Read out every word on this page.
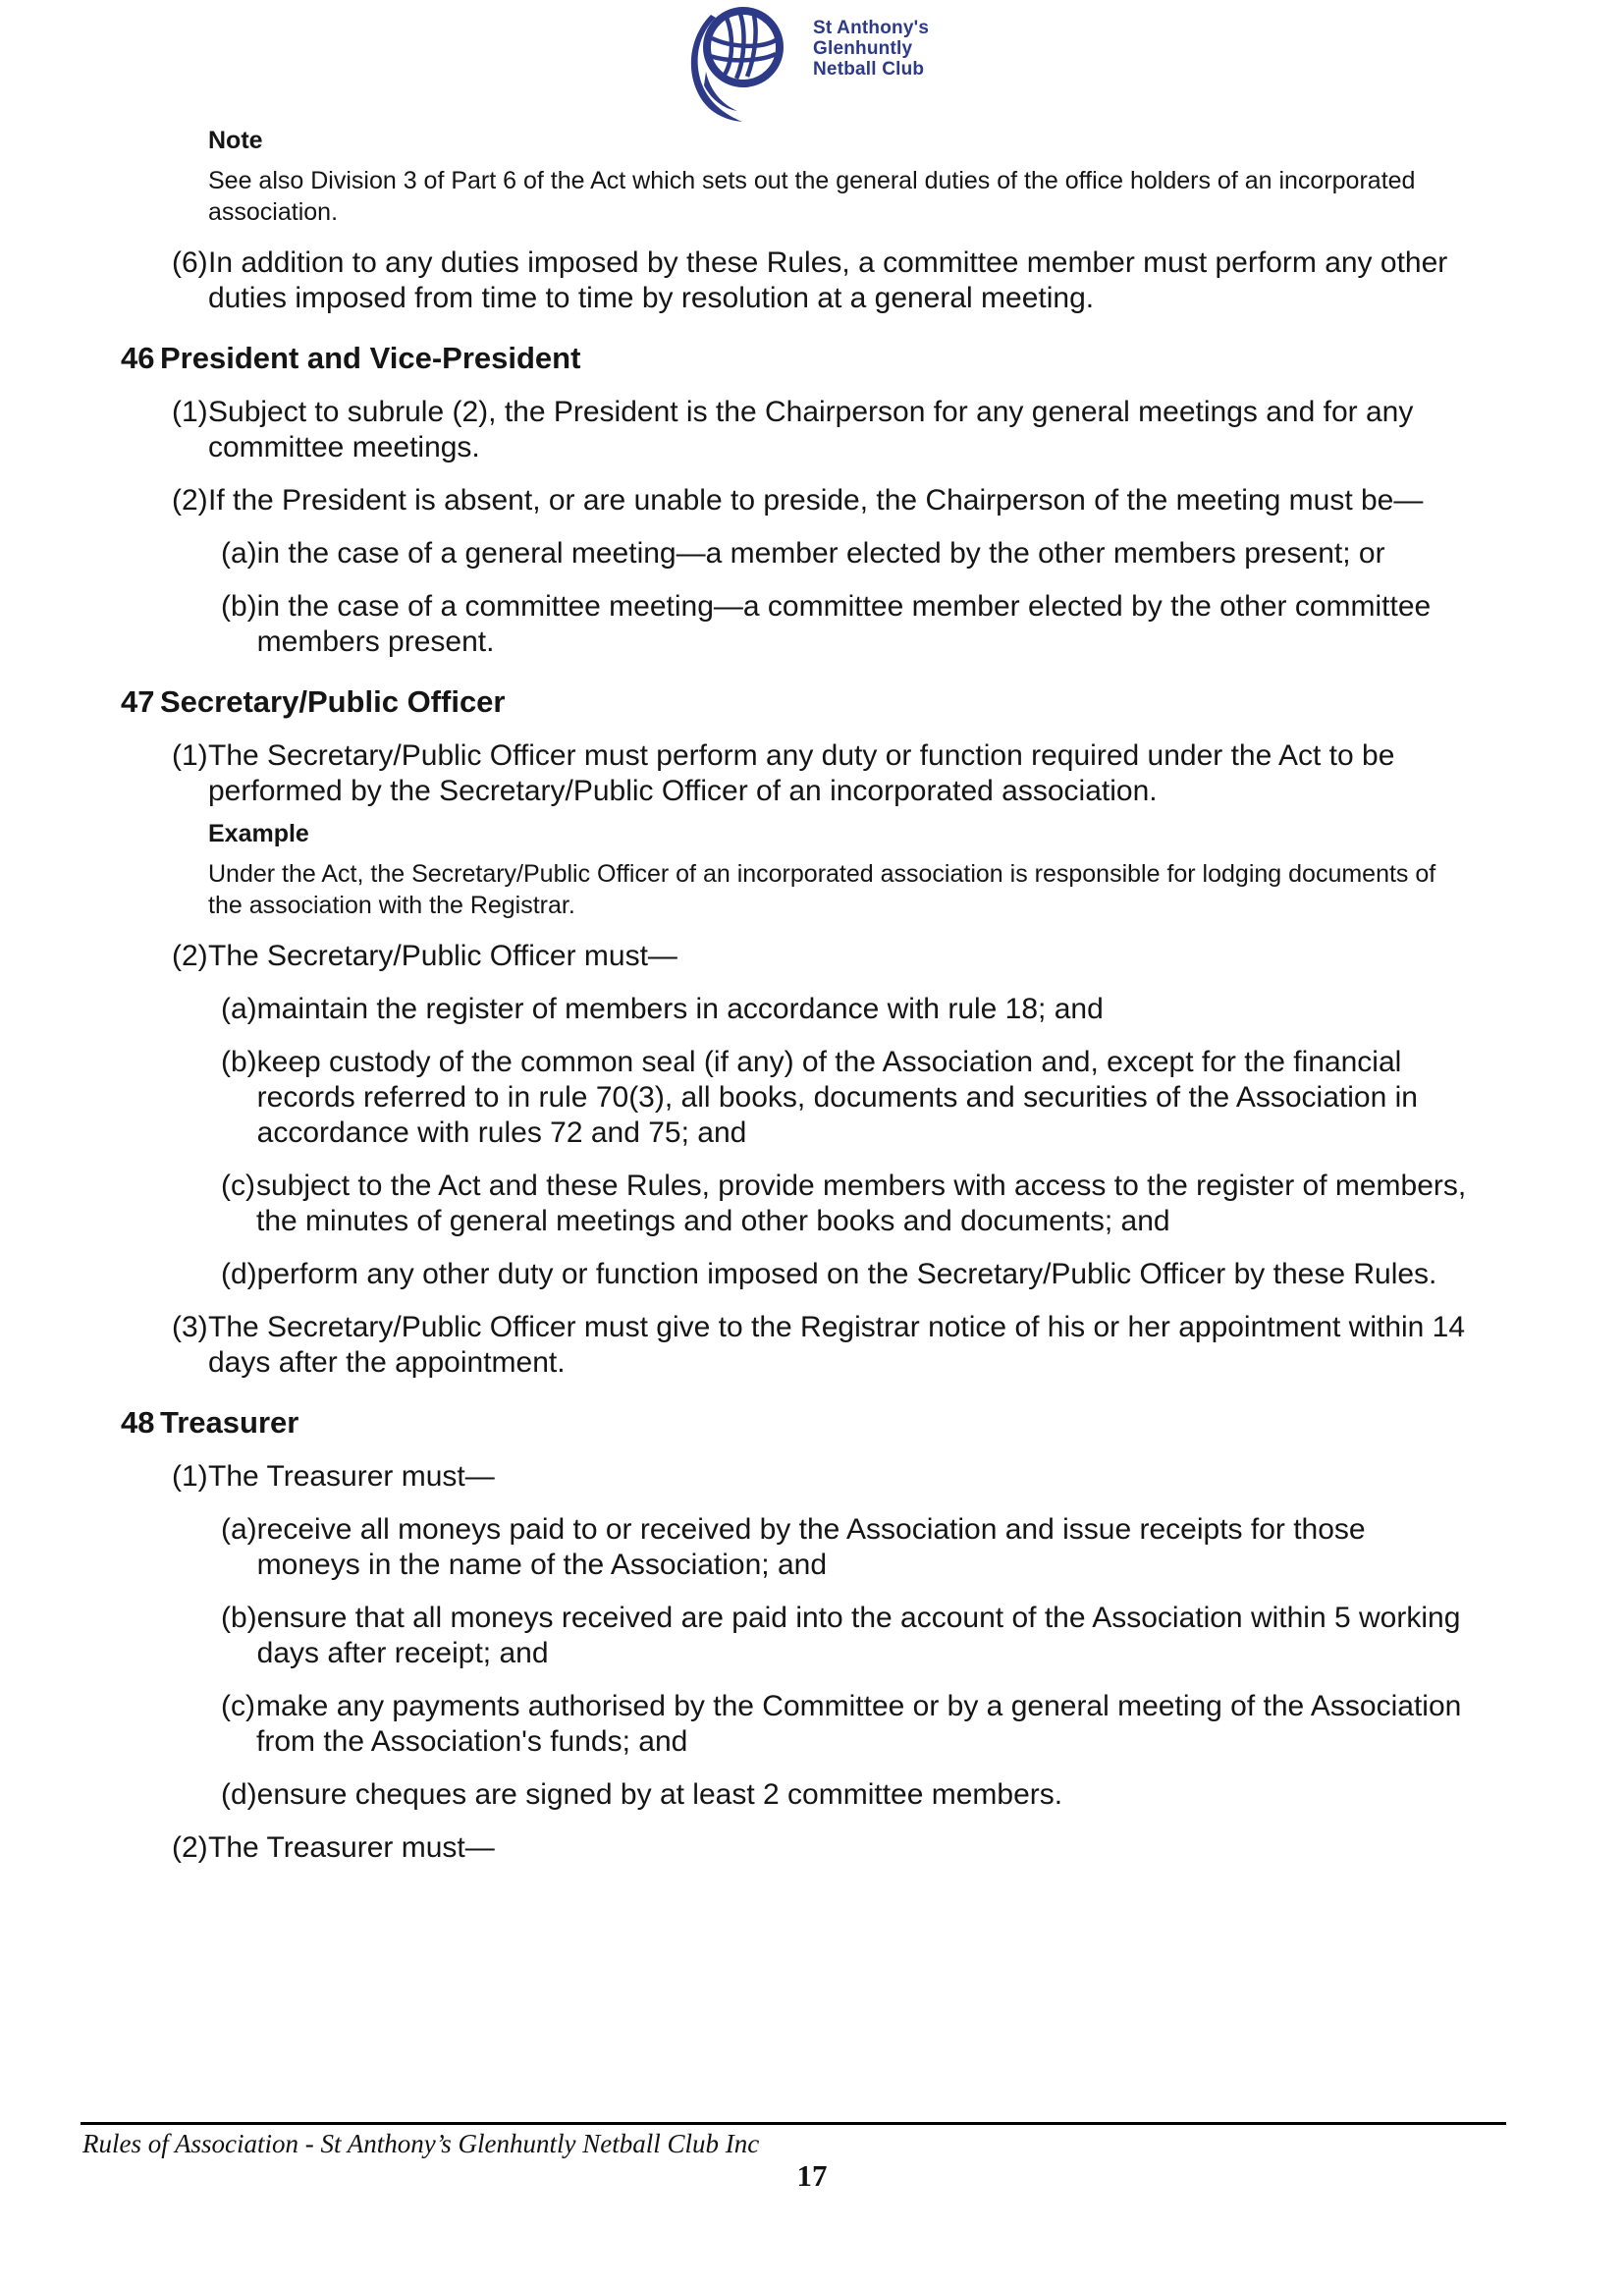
St Anthony's
Glenhuntly
Netball Club
Note
See also Division 3 of Part 6 of the Act which sets out the general duties of the office holders of an incorporated association.
(6) In addition to any duties imposed by these Rules, a committee member must perform any other duties imposed from time to time by resolution at a general meeting.
46 President and Vice-President
(1) Subject to subrule (2), the President is the Chairperson for any general meetings and for any committee meetings.
(2) If the President is absent, or are unable to preside, the Chairperson of the meeting must be—
(a) in the case of a general meeting—a member elected by the other members present; or
(b) in the case of a committee meeting—a committee member elected by the other committee members present.
47 Secretary/Public Officer
(1) The Secretary/Public Officer must perform any duty or function required under the Act to be performed by the Secretary/Public Officer of an incorporated association.
Example
Under the Act, the Secretary/Public Officer of an incorporated association is responsible for lodging documents of the association with the Registrar.
(2) The Secretary/Public Officer must—
(a) maintain the register of members in accordance with rule 18; and
(b) keep custody of the common seal (if any) of the Association and, except for the financial records referred to in rule 70(3), all books, documents and securities of the Association in accordance with rules 72 and 75; and
(c) subject to the Act and these Rules, provide members with access to the register of members, the minutes of general meetings and other books and documents; and
(d) perform any other duty or function imposed on the Secretary/Public Officer by these Rules.
(3) The Secretary/Public Officer must give to the Registrar notice of his or her appointment within 14 days after the appointment.
48 Treasurer
(1) The Treasurer must—
(a) receive all moneys paid to or received by the Association and issue receipts for those moneys in the name of the Association; and
(b) ensure that all moneys received are paid into the account of the Association within 5 working days after receipt; and
(c) make any payments authorised by the Committee or by a general meeting of the Association from the Association's funds; and
(d) ensure cheques are signed by at least 2 committee members.
(2) The Treasurer must—
Rules of Association - St Anthony’s Glenhuntly Netball Club Inc
17
